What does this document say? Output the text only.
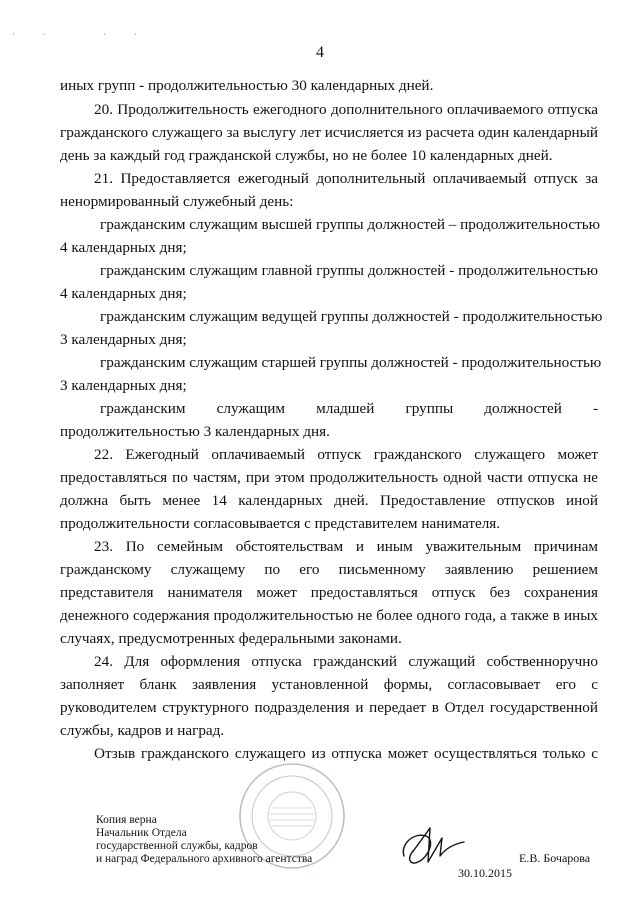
4
·· ··
иных групп - продолжительностью 30 календарных дней.
20. Продолжительность ежегодного дополнительного оплачиваемого отпуска
гражданского служащего за выслугу лет исчисляется из расчета один календарный
день за каждый год гражданской службы, но не более 10 календарных дней.
21. Предоставляется ежегодный дополнительный оплачиваемый отпуск за
ненормированный служебный день:
гражданским служащим высшей группы должностей – продолжительностью
4 календарных дня;
гражданским служащим главной группы должностей - продолжительностью
4 календарных дня;
гражданским служащим ведущей группы должностей - продолжительностью
3 календарных дня;
гражданским служащим старшей группы должностей - продолжительностью
3 календарных дня;
гражданским служащим младшей группы должностей -
продолжительностью 3 календарных дня.
22. Ежегодный оплачиваемый отпуск гражданского служащего может
предоставляться по частям, при этом продолжительность одной части отпуска не
должна быть менее 14 календарных дней. Предоставление отпусков иной
продолжительности согласовывается с представителем нанимателя.
23. По семейным обстоятельствам и иным уважительным причинам
гражданскому служащему по его письменному заявлению решением
представителя нанимателя может предоставляться отпуск без сохранения
денежного содержания продолжительностью не более одного года, а также в иных
случаях, предусмотренных федеральными законами.
24. Для оформления отпуска гражданский служащий собственноручно
заполняет бланк заявления установленной формы, согласовывает его с
руководителем структурного подразделения и передает в Отдел государственной
службы, кадров и наград.
Отзыв гражданского служащего из отпуска может осуществляться только с
Копия верна
Начальник Отдела
государственной службы, кадров
и наград Федерального архивного агентства	Е.В. Бочарова
30.10.2015
